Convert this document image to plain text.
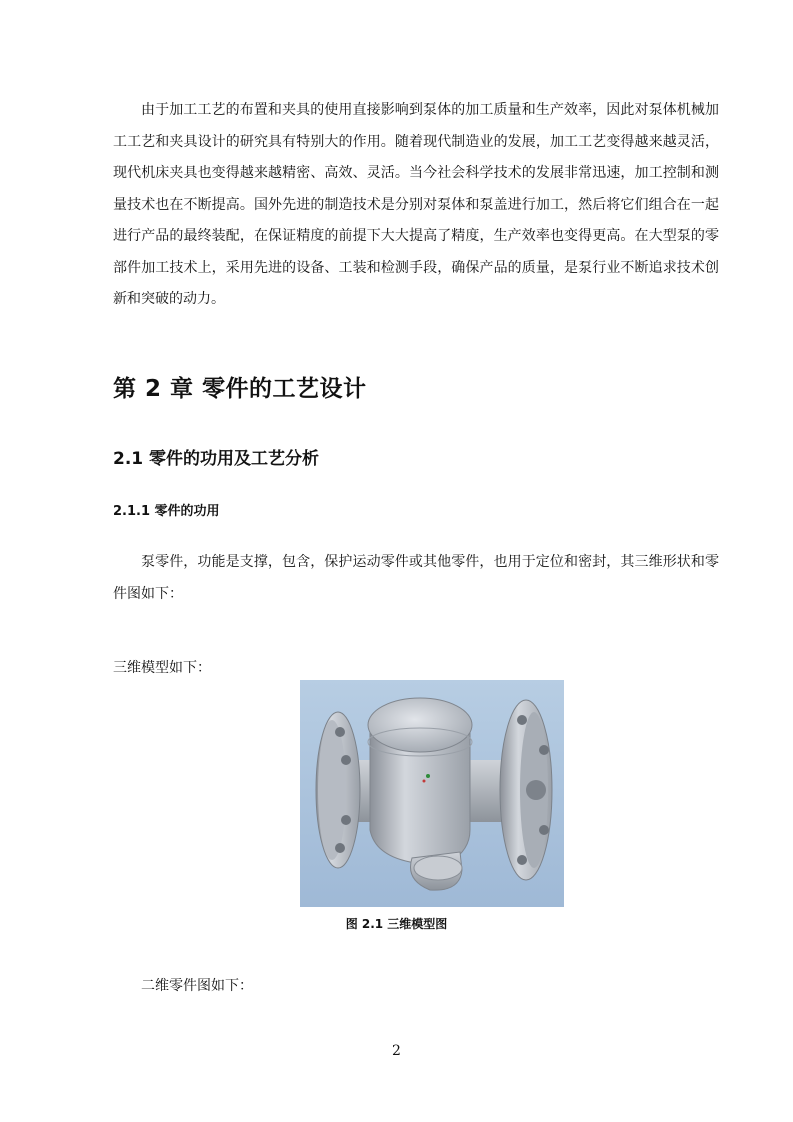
由于加工工艺的布置和夹具的使用直接影响到泵体的加工质量和生产效率，因此对泵体机械加工工艺和夹具设计的研究具有特别大的作用。随着现代制造业的发展，加工工艺变得越来越灵活，现代机床夹具也变得越来越精密、高效、灵活。当今社会科学技术的发展非常迅速，加工控制和测量技术也在不断提高。国外先进的制造技术是分别对泵体和泵盖进行加工，然后将它们组合在一起进行产品的最终装配，在保证精度的前提下大大提高了精度，生产效率也变得更高。在大型泵的零部件加工技术上，采用先进的设备、工装和检测手段，确保产品的质量，是泵行业不断追求技术创新和突破的动力。

第 2 章 零件的工艺设计
2.1 零件的功用及工艺分析
2.1.1 零件的功用

泵零件，功能是支撑，包含，保护运动零件或其他零件，也用于定位和密封，其三维形状和零件图如下：

三维模型如下：

图 2.1 三维模型图

二维零件图如下：

2
